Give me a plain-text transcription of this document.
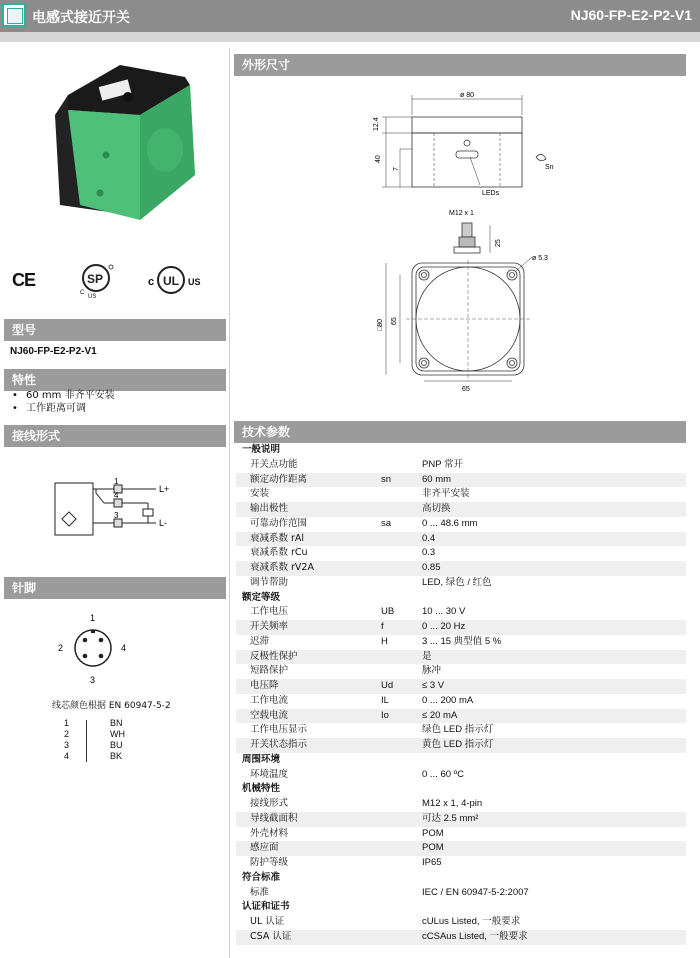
电感式接近开关	NJ60-FP-E2-P2-V1
CE	SP
C
US
c UL US
型号
NJ60-FP-E2-P2-V1
特性
• 60 mm 非齐平安装
• 工作距离可调
接线形式
1
4
3
L+
L-
针脚
1
2
3
4
线芯颜色根据 EN 60947-5-2
1	BN
2	WH
3	BU
4	BK
外形尺寸
ø 80
12.4
40
7	Sn
LEDs
M12 x 1
25
ø 5.3
□80 65
65
技术参数
一般说明
开关点功能	PNP 常开
额定动作距离	sn	60 mm
安装	非齐平安装
输出极性	高切换
可靠动作范围	sa	0 ... 48.6 mm
衰减系数 rAl	0.4
衰减系数 rCu	0.3
衰减系数 rV2A	0.85
调节帮助	LED, 绿色 / 红色
额定等级
工作电压	UB	10 ... 30 V
开关频率	f	0 ... 20 Hz
迟滞	H	3 ... 15 典型值 5 %
反极性保护	是
短路保护	脉冲
电压降	Ud	≤ 3 V
工作电流	IL	0 ... 200 mA
空载电流	Io	≤ 20 mA
工作电压显示	绿色 LED 指示灯
开关状态指示	黄色 LED 指示灯
周围环境
环境温度	0 ... 60 ºC
机械特性
接线形式	M12 x 1, 4-pin
导线截面积	可达 2.5 mm²
外壳材料	POM
感应面	POM
防护等级	IP65
符合标准
标准	IEC / EN 60947-5-2:2007
认证和证书
UL 认证	cULus Listed, 一般要求
CSA 认证	cCSAus Listed, 一般要求
